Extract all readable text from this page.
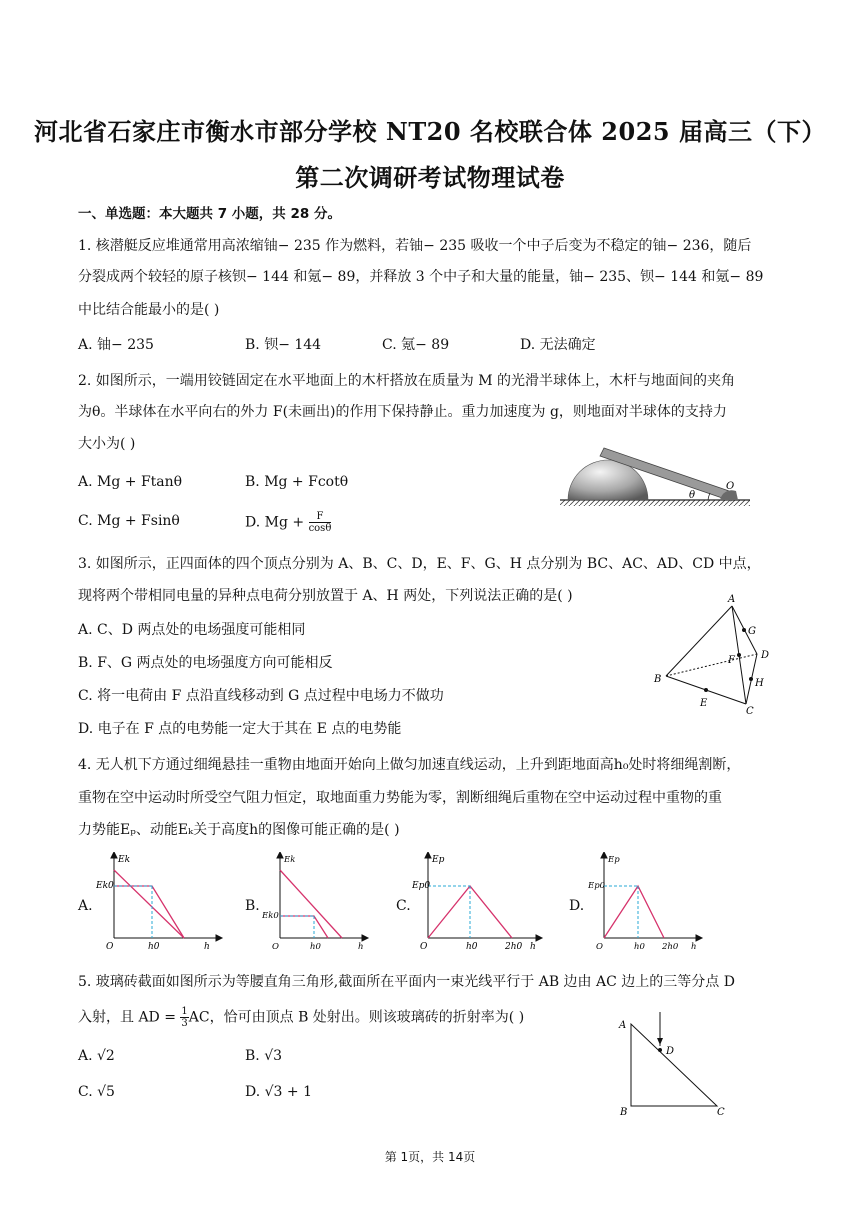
河北省石家庄市衡水市部分学校 NT20 名校联合体 2025 届高三（下）
第二次调研考试物理试卷
一、单选题：本大题共 7 小题，共 28 分。
1. 核潜艇反应堆通常用高浓缩铀− 235 作为燃料，若铀− 235 吸收一个中子后变为不稳定的铀− 236，随后
分裂成两个较轻的原子核钡− 144 和氪− 89，并释放 3 个中子和大量的能量，铀− 235、钡− 144 和氪− 89
中比结合能最小的是( )
A. 铀− 235	B. 钡− 144	C. 氪− 89	D. 无法确定
2. 如图所示，一端用铰链固定在水平地面上的木杆搭放在质量为 M 的光滑半球体上，木杆与地面间的夹角
为θ。半球体在水平向右的外力 F(未画出)的作用下保持静止。重力加速度为 g，则地面对半球体的支持力
大小为( )
A. Mg + Ftanθ	B. Mg + Fcotθ
C. Mg + Fsinθ	D. $Mg + \frac{F}{\cos\theta}$
θ
O
3. 如图所示，正四面体的四个顶点分别为 A、B、C、D，E、F、G、H 点分别为 BC、AC、AD、CD 中点，
现将两个带相同电量的异种点电荷分别放置于 A、H 两处，下列说法正确的是( )
A. C、D 两点处的电场强度可能相同
B. F、G 两点处的电场强度方向可能相反
C. 将一电荷由 F 点沿直线移动到 G 点过程中电场力不做功
D. 电子在 F 点的电势能一定大于其在 E 点的电势能
A
B
C
D
E
F
G
H
4. 无人机下方通过细绳悬挂一重物由地面开始向上做匀加速直线运动，上升到距地面高h₀处时将细绳割断，
重物在空中运动时所受空气阻力恒定，取地面重力势能为零，割断细绳后重物在空中运动过程中重物的重
力势能Eₚ、动能Eₖ关于高度h的图像可能正确的是( )
A.	B.	C.	D.
Ek
Ek0
O	h0	h
Ek
Ek0
O	h0	h
Ep
Ep0
O	h0	2h0 h
Ep
Ep0
O	h0 2h0 h
5. 玻璃砖截面如图所示为等腰直角三角形,截面所在平面内一束光线平行于 AB 边由 AC 边上的三等分点 D
入射，且 AD = $\frac{1}{3}$ AC，恰可由顶点 B 处射出。则该玻璃砖的折射率为( )
A. √2	B. √3
C. √5	D. √3 + 1
A
B	C
D
第 1页，共 14页
